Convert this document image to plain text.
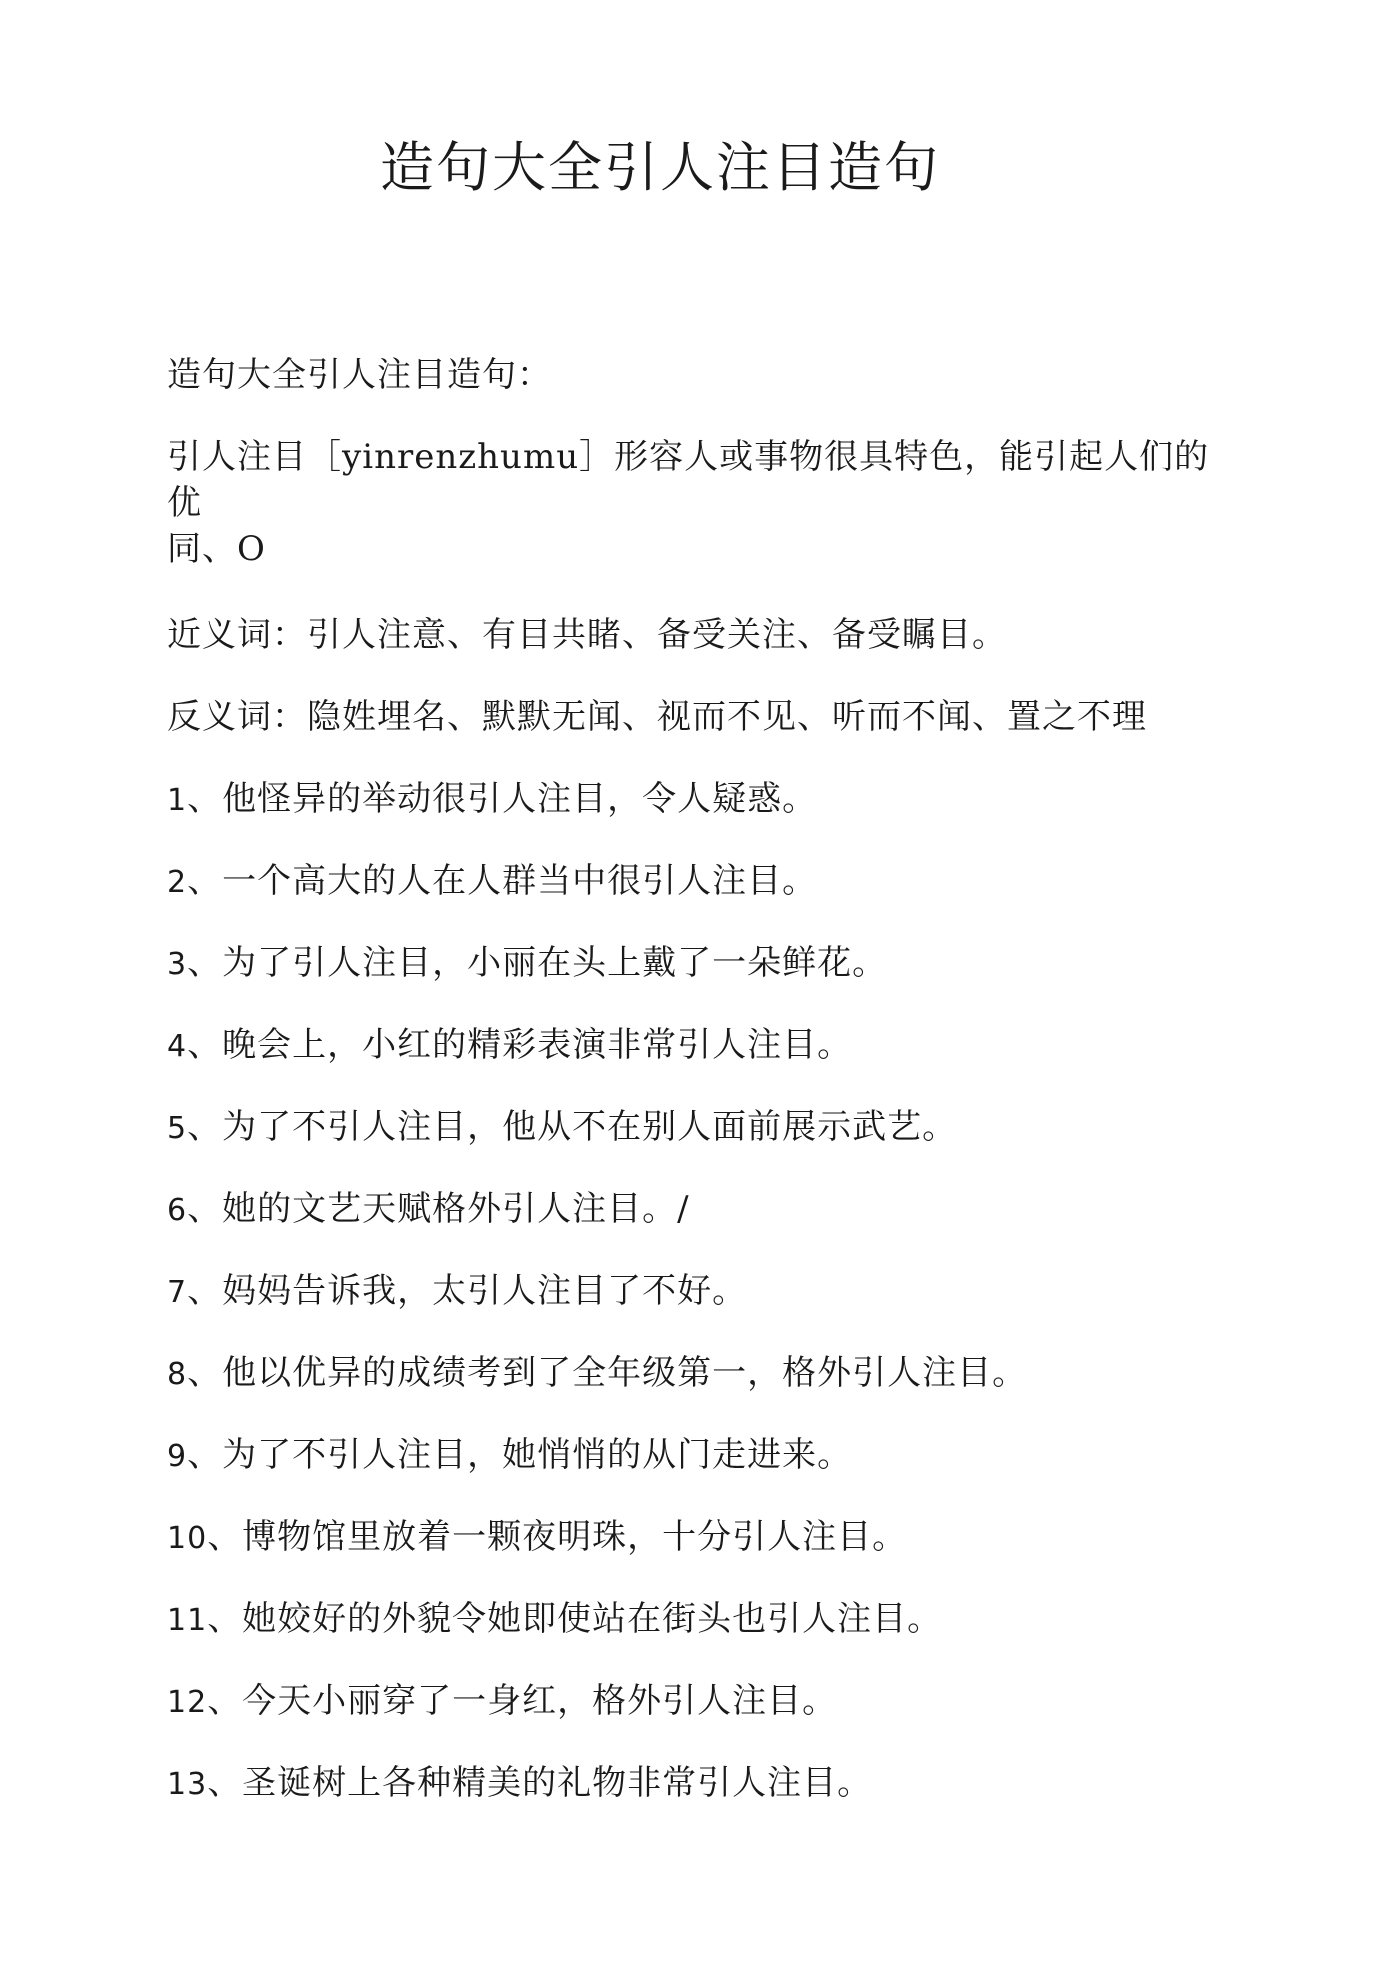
造句大全引人注目造句

造句大全引人注目造句：

引人注目［yinrenzhumu］形容人或事物很具特色，能引起人们的优
同、O

近义词：引人注意、有目共睹、备受关注、备受瞩目。

反义词：隐姓埋名、默默无闻、视而不见、听而不闻、置之不理

1、他怪异的举动很引人注目，令人疑惑。

2、一个高大的人在人群当中很引人注目。

3、为了引人注目，小丽在头上戴了一朵鲜花。

4、晚会上，小红的精彩表演非常引人注目。

5、为了不引人注目，他从不在别人面前展示武艺。

6、她的文艺天赋格外引人注目。/

7、妈妈告诉我，太引人注目了不好。

8、他以优异的成绩考到了全年级第一，格外引人注目。

9、为了不引人注目，她悄悄的从门走进来。

10、博物馆里放着一颗夜明珠，十分引人注目。

11、她姣好的外貌令她即使站在街头也引人注目。

12、今天小丽穿了一身红，格外引人注目。

13、圣诞树上各种精美的礼物非常引人注目。
